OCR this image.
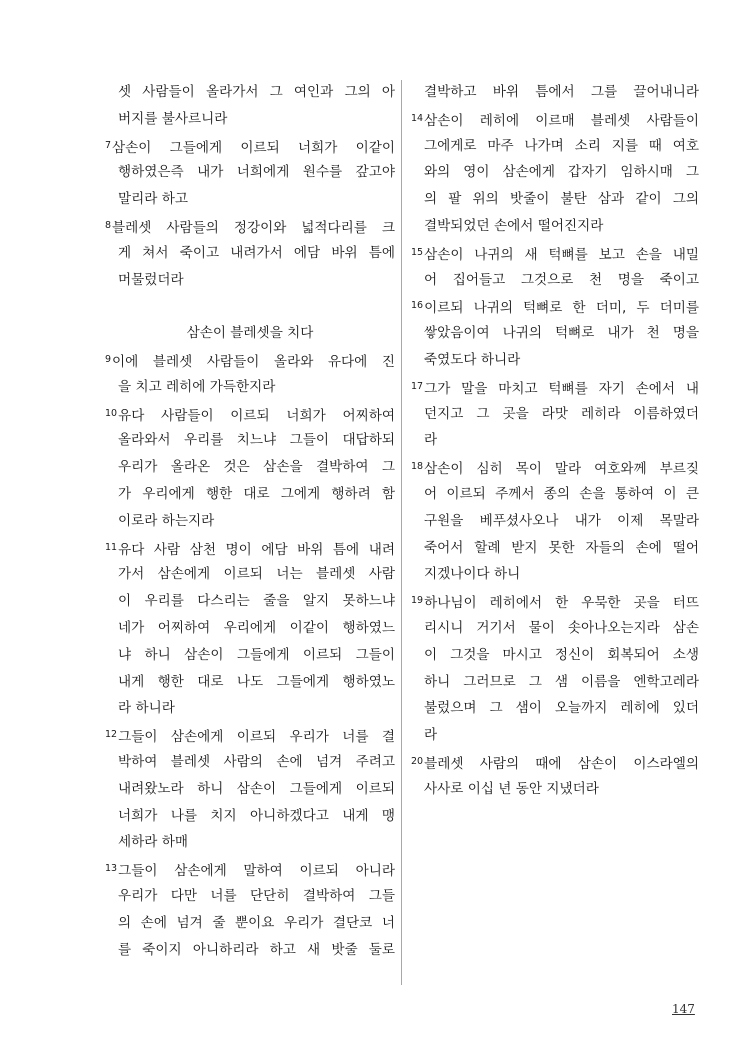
셋 사람들이 올라가서 그 여인과 그의 아
버지를 불사르니라
$^7$삼손이 그들에게 이르되 너희가 이같이
행하였은즉 내가 너희에게 원수를 갚고야
말리라 하고
$^8$블레셋 사람들의 정강이와 넓적다리를 크
게 쳐서 죽이고 내려가서 에담 바위 틈에
머물렀더라
삼손이 블레셋을 치다
$^9$이에 블레셋 사람들이 올라와 유다에 진
을 치고 레히에 가득한지라
$^{10}$유다 사람들이 이르되 너희가 어찌하여
올라와서 우리를 치느냐 그들이 대답하되
우리가 올라온 것은 삼손을 결박하여 그
가 우리에게 행한 대로 그에게 행하려 함
이로라 하는지라
$^{11}$유다 사람 삼천 명이 에담 바위 틈에 내려
가서 삼손에게 이르되 너는 블레셋 사람
이 우리를 다스리는 줄을 알지 못하느냐
네가 어찌하여 우리에게 이같이 행하였느
냐 하니 삼손이 그들에게 이르되 그들이
내게 행한 대로 나도 그들에게 행하였노
라 하니라
$^{12}$그들이 삼손에게 이르되 우리가 너를 결
박하여 블레셋 사람의 손에 넘겨 주려고
내려왔노라 하니 삼손이 그들에게 이르되
너희가 나를 치지 아니하겠다고 내게 맹
세하라 하매
$^{13}$그들이 삼손에게 말하여 이르되 아니라
우리가 다만 너를 단단히 결박하여 그들
의 손에 넘겨 줄 뿐이요 우리가 결단코 너
를 죽이지 아니하리라 하고 새 밧줄 둘로
결박하고 바위 틈에서 그를 끌어내니라
$^{14}$삼손이 레히에 이르매 블레셋 사람들이
그에게로 마주 나가며 소리 지를 때 여호
와의 영이 삼손에게 갑자기 임하시매 그
의 팔 위의 밧줄이 불탄 삼과 같이 그의
결박되었던 손에서 떨어진지라
$^{15}$삼손이 나귀의 새 턱뼈를 보고 손을 내밀
어 집어들고 그것으로 천 명을 죽이고
$^{16}$이르되 나귀의 턱뼈로 한 더미, 두 더미를
쌓았음이여 나귀의 턱뼈로 내가 천 명을
죽였도다 하니라
$^{17}$그가 말을 마치고 턱뼈를 자기 손에서 내
던지고 그 곳을 라맛 레히라 이름하였더
라
$^{18}$삼손이 심히 목이 말라 여호와께 부르짖
어 이르되 주께서 종의 손을 통하여 이 큰
구원을 베푸셨사오나 내가 이제 목말라
죽어서 할례 받지 못한 자들의 손에 떨어
지겠나이다 하니
$^{19}$하나님이 레히에서 한 우묵한 곳을 터뜨
리시니 거기서 물이 솟아나오는지라 삼손
이 그것을 마시고 정신이 회복되어 소생
하니 그러므로 그 샘 이름을 엔학고레라
불렀으며 그 샘이 오늘까지 레히에 있더
라
$^{20}$블레셋 사람의 때에 삼손이 이스라엘의
사사로 이십 년 동안 지냈더라
147
